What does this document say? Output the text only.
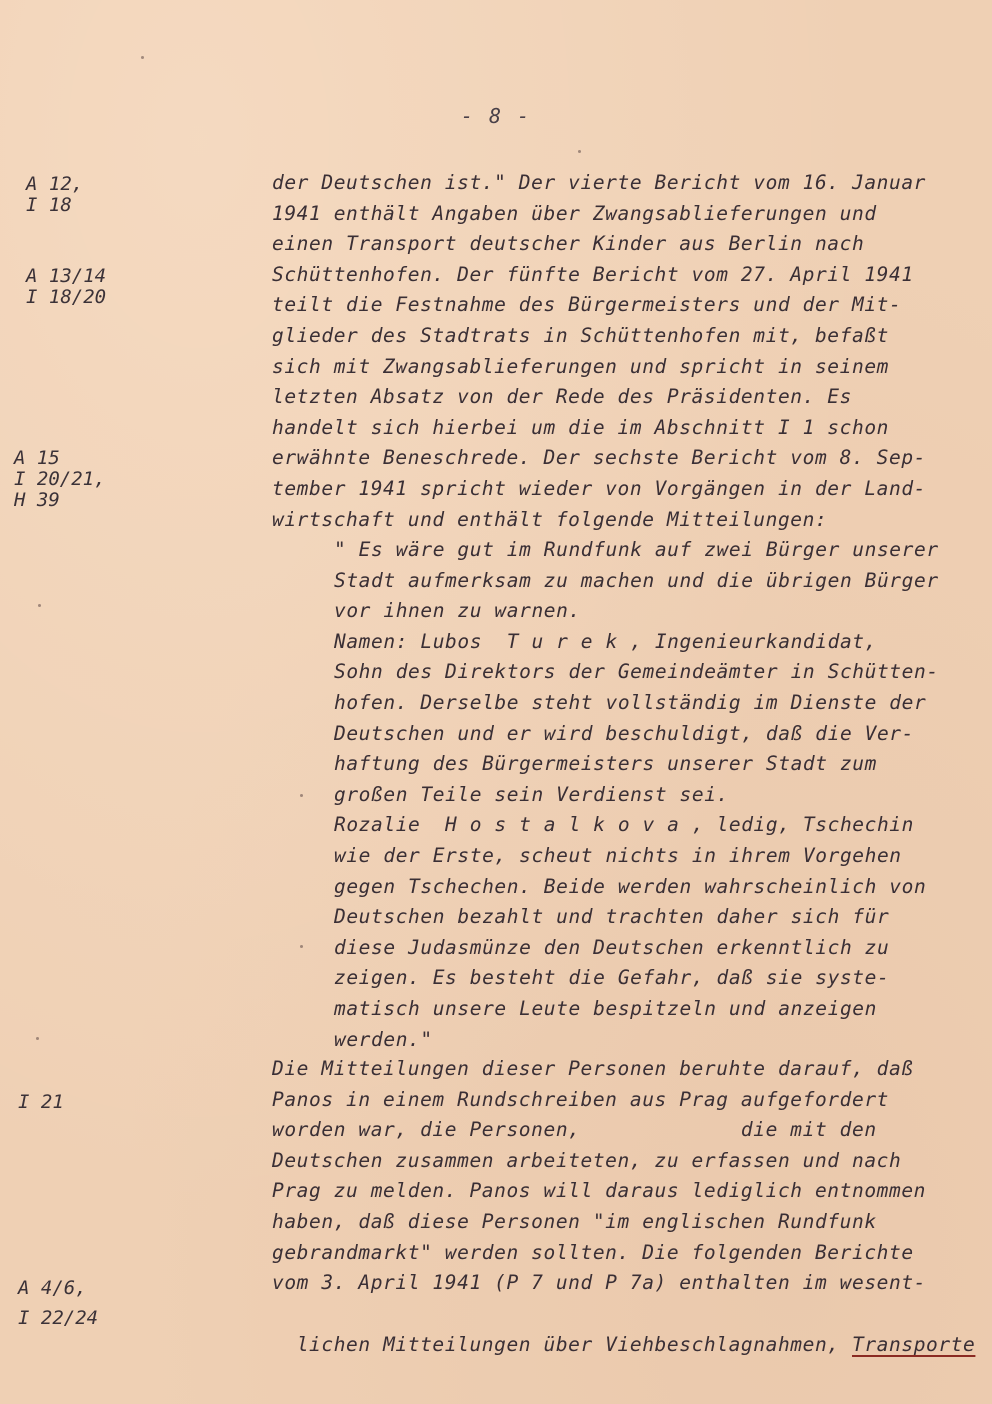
- 8 -
A 12,
I 18
A 13/14
I 18/20
A 15
I 20/21,
H 39
I 21
A 4/6,
I 22/24
der Deutschen ist." Der vierte Bericht vom 16. Januar
1941 enthält Angaben über Zwangsablieferungen und
einen Transport deutscher Kinder aus Berlin nach
Schüttenhofen. Der fünfte Bericht vom 27. April 1941
teilt die Festnahme des Bürgermeisters und der Mit-
glieder des Stadtrats in Schüttenhofen mit, befaßt
sich mit Zwangsablieferungen und spricht in seinem
letzten Absatz von der Rede des Präsidenten. Es
handelt sich hierbei um die im Abschnitt I 1 schon
erwähnte Beneschrede. Der sechste Bericht vom 8. Sep-
tember 1941 spricht wieder von Vorgängen in der Land-
wirtschaft und enthält folgende Mitteilungen:
" Es wäre gut im Rundfunk auf zwei Bürger unserer
Stadt aufmerksam zu machen und die übrigen Bürger
vor ihnen zu warnen.
Namen: Lubos  T u r e k , Ingenieurkandidat,
Sohn des Direktors der Gemeindeämter in Schütten-
hofen. Derselbe steht vollständig im Dienste der
Deutschen und er wird beschuldigt, daß die Ver-
haftung des Bürgermeisters unserer Stadt zum
großen Teile sein Verdienst sei.
Rozalie  H o s t a l k o v a , ledig, Tschechin
wie der Erste, scheut nichts in ihrem Vorgehen
gegen Tschechen. Beide werden wahrscheinlich von
Deutschen bezahlt und trachten daher sich für
diese Judasmünze den Deutschen erkenntlich zu
zeigen. Es besteht die Gefahr, daß sie syste-
matisch unsere Leute bespitzeln und anzeigen
werden."
Die Mitteilungen dieser Personen beruhte darauf, daß
Panos in einem Rundschreiben aus Prag aufgefordert
worden war, die Personen,             die mit den
Deutschen zusammen arbeiteten, zu erfassen und nach
Prag zu melden. Panos will daraus lediglich entnommen
haben, daß diese Personen "im englischen Rundfunk
gebrandmarkt" werden sollten. Die folgenden Berichte
vom 3. April 1941 (P 7 und P 7a) enthalten im wesent-

lichen Mitteilungen über Viehbeschlagnahmen, Transporte
